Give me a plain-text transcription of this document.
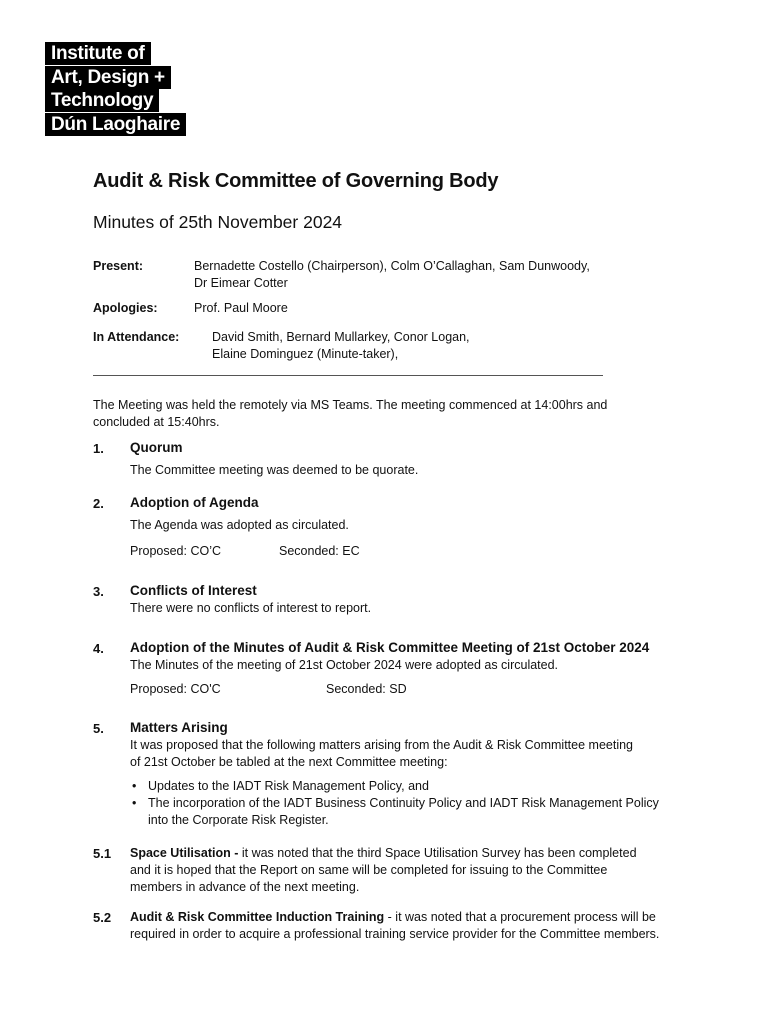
Institute of
Art, Design +
Technology
Dún Laoghaire
Audit & Risk Committee of Governing Body
Minutes of 25th November 2024
Present:	Bernadette Costello (Chairperson), Colm O’Callaghan, Sam Dunwoody,
Dr Eimear Cotter
Apologies:	Prof. Paul Moore
In Attendance:	David Smith, Bernard Mullarkey, Conor Logan,
Elaine Dominguez (Minute-taker),
The Meeting was held the remotely via MS Teams. The meeting commenced at 14:00hrs and concluded at 15:40hrs.
1. Quorum
The Committee meeting was deemed to be quorate.
2. Adoption of Agenda
The Agenda was adopted as circulated.
Proposed: CO’C	Seconded: EC
3. Conflicts of Interest
There were no conflicts of interest to report.
4. Adoption of the Minutes of Audit & Risk Committee Meeting of 21st October 2024
The Minutes of the meeting of 21st October 2024 were adopted as circulated.
Proposed: CO'C	Seconded: SD
5. Matters Arising
It was proposed that the following matters arising from the Audit & Risk Committee meeting of 21st October be tabled at the next Committee meeting:
• Updates to the IADT Risk Management Policy, and
• The incorporation of the IADT Business Continuity Policy and IADT Risk Management Policy into the Corporate Risk Register.
5.1 Space Utilisation - it was noted that the third Space Utilisation Survey has been completed and it is hoped that the Report on same will be completed for issuing to the Committee members in advance of the next meeting.
5.2 Audit & Risk Committee Induction Training - it was noted that a procurement process will be required in order to acquire a professional training service provider for the Committee members.
